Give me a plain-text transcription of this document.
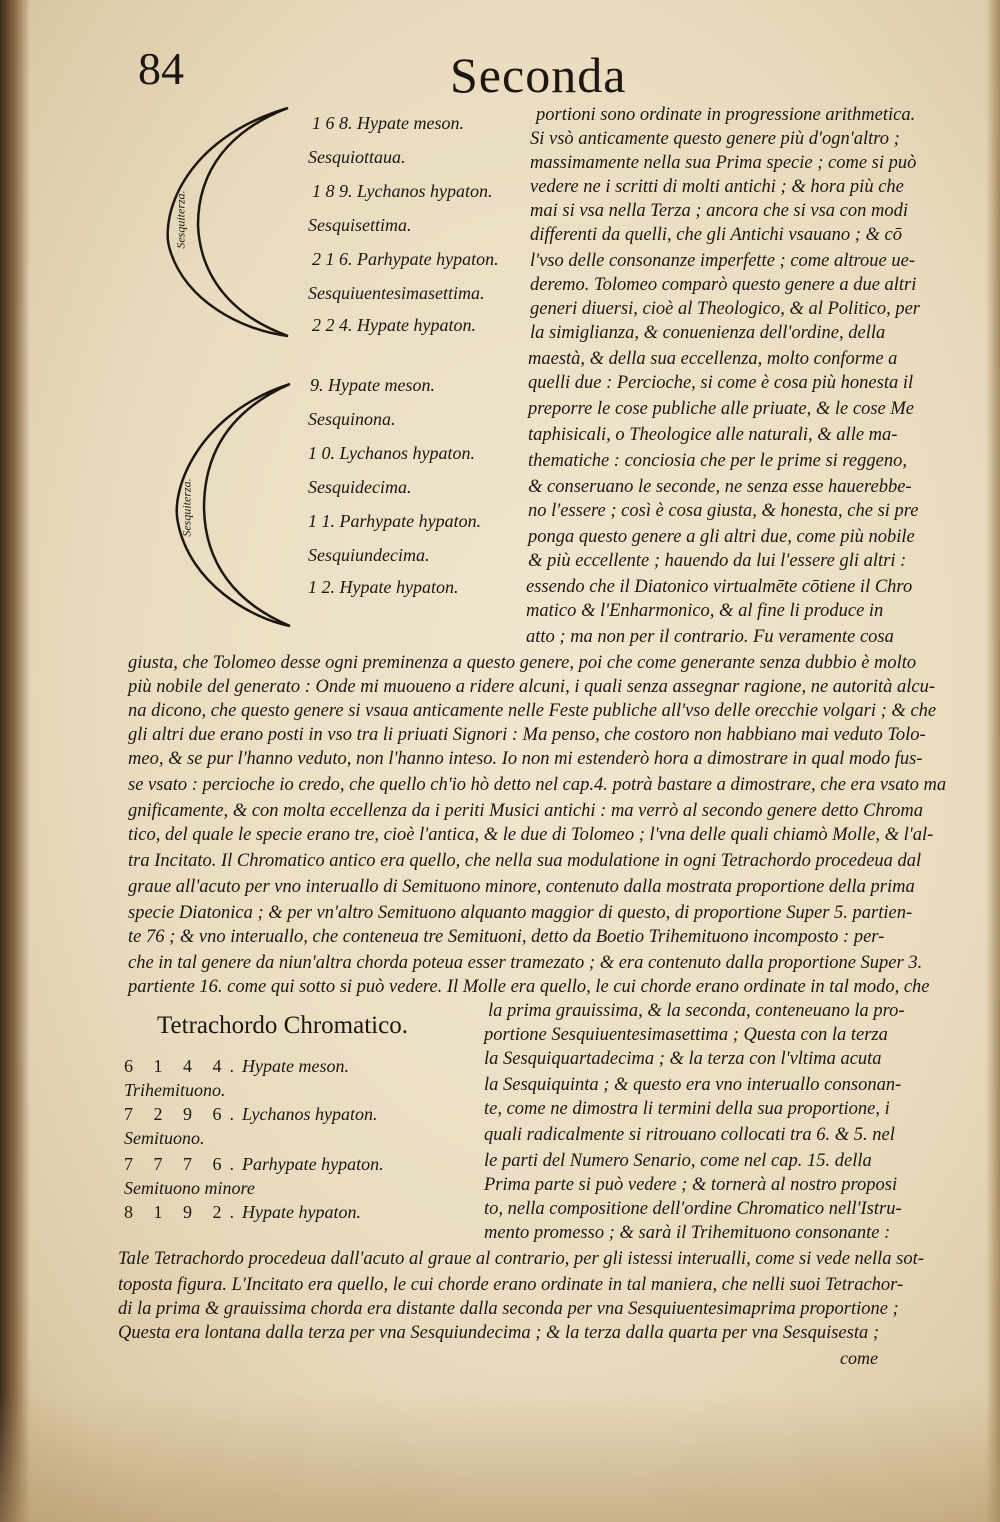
84	Seconda
Sesquiterza.
Sesquiterza.
1 6 8. Hypate meson.
Sesquiottaua.
1 8 9. Lychanos hypaton.
Sesquisettima.
2 1 6. Parhypate hypaton.
Sesquiuentesimasettima.
2 2 4. Hypate hypaton.
9. Hypate meson.
Sesquinona.
1 0. Lychanos hypaton.
Sesquidecima.
1 1. Parhypate hypaton.
Sesquiundecima.
1 2. Hypate hypaton.
portioni sono ordinate in progressione arithmetica.
Si vsò anticamente questo genere più d'ogn'altro ;
massimamente nella sua Prima specie ; come si può
vedere ne i scritti di molti antichi ; & hora più che
mai si vsa nella Terza ; ancora che si vsa con modi
differenti da quelli, che gli Antichi vsauano ; & cō
l'vso delle consonanze imperfette ; come altroue ue-
deremo. Tolomeo comparò questo genere a due altri
generi diuersi, cioè al Theologico, & al Politico, per
la simiglianza, & conuenienza dell'ordine, della
maestà, & della sua eccellenza, molto conforme a
quelli due : Percioche, si come è cosa più honesta il
preporre le cose publiche alle priuate, & le cose Me
taphisicali, o Theologice alle naturali, & alle ma-
thematiche : conciosia che per le prime si reggeno,
& conseruano le seconde, ne senza esse hauerebbe-
no l'essere ; così è cosa giusta, & honesta, che si pre
ponga questo genere a gli altri due, come più nobile
& più eccellente ; hauendo da lui l'essere gli altri :
essendo che il Diatonico virtualmēte cōtiene il Chro
matico & l'Enharmonico, & al fine li produce in
atto ; ma non per il contrario. Fu veramente cosa
giusta, che Tolomeo desse ogni preminenza a questo genere, poi che come generante senza dubbio è molto
più nobile del generato : Onde mi muoueno a ridere alcuni, i quali senza assegnar ragione, ne autorità alcu-
na dicono, che questo genere si vsaua anticamente nelle Feste publiche all'vso delle orecchie volgari ; & che
gli altri due erano posti in vso tra li priuati Signori : Ma penso, che costoro non habbiano mai veduto Tolo-
meo, & se pur l'hanno veduto, non l'hanno inteso. Io non mi estenderò hora a dimostrare in qual modo fus-
se vsato : percioche io credo, che quello ch'io hò detto nel cap.4. potrà bastare a dimostrare, che era vsato ma
gnificamente, & con molta eccellenza da i periti Musici antichi : ma verrò al secondo genere detto Chroma
tico, del quale le specie erano tre, cioè l'antica, & le due di Tolomeo ; l'vna delle quali chiamò Molle, & l'al-
tra Incitato. Il Chromatico antico era quello, che nella sua modulatione in ogni Tetrachordo procedeua dal
graue all'acuto per vno interuallo di Semituono minore, contenuto dalla mostrata proportione della prima
specie Diatonica ; & per vn'altro Semituono alquanto maggior di questo, di proportione Super 5. partien-
te 76 ; & vno interuallo, che conteneua tre Semituoni, detto da Boetio Trihemituono incomposto : per-
che in tal genere da niun'altra chorda poteua esser tramezato ; & era contenuto dalla proportione Super 3.
partiente 16. come qui sotto si può vedere. Il Molle era quello, le cui chorde erano ordinate in tal modo, che
Tetrachordo Chromatico.
6 1 4 4. Hypate meson.
Trihemituono.
7 2 9 6. Lychanos hypaton.
Semituono.
7 7 7 6. Parhypate hypaton.
Semituono minore
8 1 9 2. Hypate hypaton.
la prima grauissima, & la seconda, conteneuano la pro-
portione Sesquiuentesimasettima ; Questa con la terza
la Sesquiquartadecima ; & la terza con l'vltima acuta
la Sesquiquinta ; & questo era vno interuallo consonan-
te, come ne dimostra li termini della sua proportione, i
quali radicalmente si ritrouano collocati tra 6. & 5. nel
le parti del Numero Senario, come nel cap. 15. della
Prima parte si può vedere ; & tornerà al nostro proposi
to, nella compositione dell'ordine Chromatico nell'Istru-
mento promesso ; & sarà il Trihemituono consonante :
Tale Tetrachordo procedeua dall'acuto al graue al contrario, per gli istessi interualli, come si vede nella sot-
toposta figura. L'Incitato era quello, le cui chorde erano ordinate in tal maniera, che nelli suoi Tetrachor-
di la prima & grauissima chorda era distante dalla seconda per vna Sesquiuentesimaprima proportione ;
Questa era lontana dalla terza per vna Sesquiundecima ; & la terza dalla quarta per vna Sesquisesta ;
come
